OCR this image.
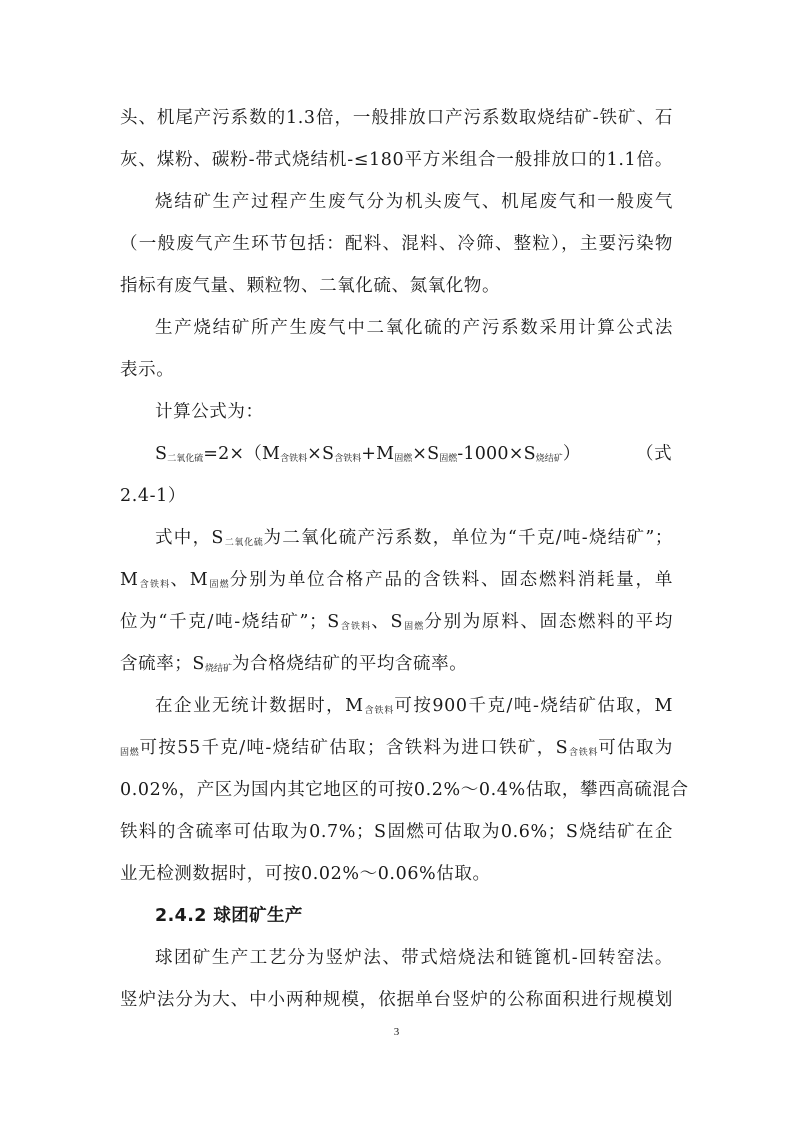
头、机尾产污系数的1.3倍，一般排放口产污系数取烧结矿-铁矿、石
灰、煤粉、碳粉-带式烧结机-≤180平方米组合一般排放口的1.1倍。
烧结矿生产过程产生废气分为机头废气、机尾废气和一般废气
（一般废气产生环节包括：配料、混料、冷筛、整粒），主要污染物
指标有废气量、颗粒物、二氧化硫、氮氧化物。
生产烧结矿所产生废气中二氧化硫的产污系数采用计算公式法
表示。
计算公式为：
$S_{二氧化硫}=2\times(M_{含铁料}\times S_{含铁料}+M_{固燃}\times S_{固燃}-1000\times S_{烧结矿})$	（式
2.4-1）
式中，$S_{二氧化硫}$为二氧化硫产污系数，单位为“千克/吨-烧结矿”；
$M_{含铁料}$、$M_{固燃}$分别为单位合格产品的含铁料、固态燃料消耗量，单
位为“千克/吨-烧结矿”；$S_{含铁料}$、$S_{固燃}$分别为原料、固态燃料的平均
含硫率；$S_{烧结矿}$为合格烧结矿的平均含硫率。
在企业无统计数据时，$M_{含铁料}$可按900千克/吨-烧结矿估取，M
$_{固燃}$可按55千克/吨-烧结矿估取；含铁料为进口铁矿，$S_{含铁料}$可估取为
0.02%，产区为国内其它地区的可按0.2%～0.4%估取，攀西高硫混合
铁料的含硫率可估取为0.7%；S固燃可估取为0.6%；S烧结矿在企
业无检测数据时，可按0.02%～0.06%估取。
2.4.2 球团矿生产
球团矿生产工艺分为竖炉法、带式焙烧法和链篦机-回转窑法。
竖炉法分为大、中小两种规模，依据单台竖炉的公称面积进行规模划
3
